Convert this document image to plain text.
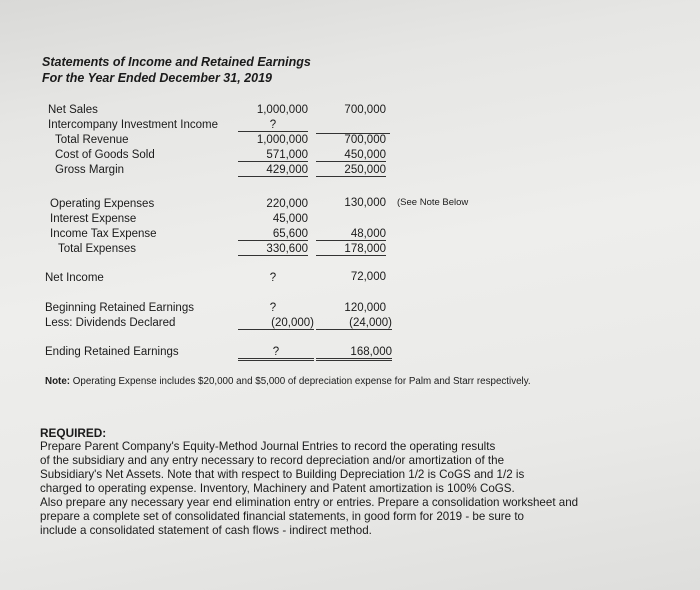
Statements of Income and Retained Earnings
For the Year Ended December 31, 2019
Net Sales	1,000,000	700,000
Intercompany Investment Income	?
Total Revenue	1,000,000	700,000
Cost of Goods Sold	571,000	450,000
Gross Margin	429,000	250,000
Operating Expenses	220,000	130,000 (See Note Below
Interest Expense	45,000
Income Tax Expense	65,600	48,000
Total Expenses	330,600	178,000
Net Income	?	72,000
Beginning Retained Earnings	?	120,000
Less: Dividends Declared	(20,000)	(24,000)
Ending Retained Earnings	?	168,000
Note: Operating Expense includes $20,000 and $5,000 of depreciation expense for Palm and Starr respectively.
REQUIRED:
Prepare Parent Company's Equity-Method Journal Entries to record the operating results
of the subsidiary and any entry necessary to record depreciation and/or amortization of the
Subsidiary's Net Assets. Note that with respect to Building Depreciation 1/2 is CoGS and 1/2 is
charged to operating expense. Inventory, Machinery and Patent amortization is 100% CoGS.
Also prepare any necessary year end elimination entry or entries. Prepare a consolidation worksheet and
prepare a complete set of consolidated financial statements, in good form for 2019 - be sure to
include a consolidated statement of cash flows - indirect method.
